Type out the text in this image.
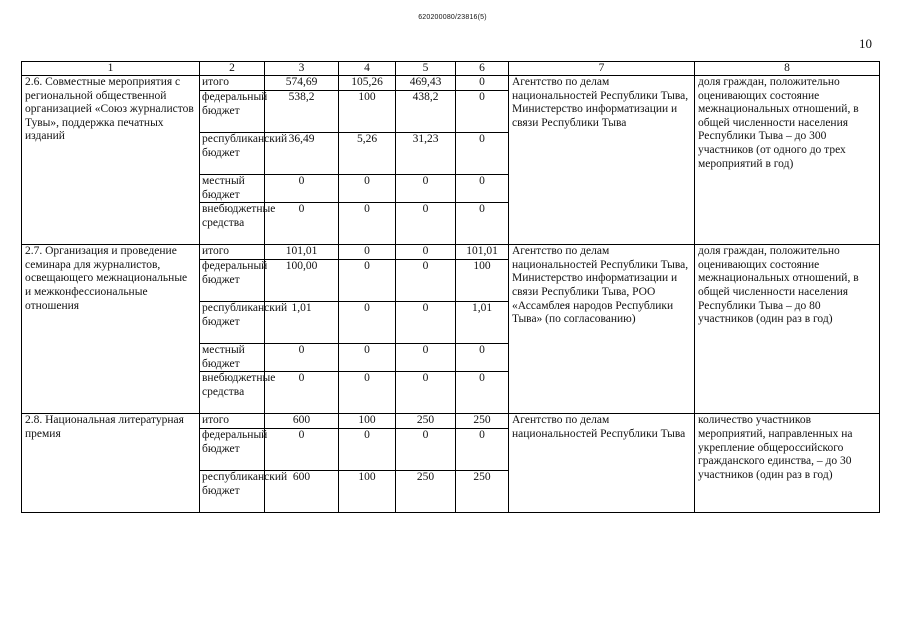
620200080/23816(5)
10
1	2	3	4	5	6	7	8
2.6. Совместные мероприятия с региональной общественной организацией «Союз журналистов Тувы», поддержка печатных изданий	итого	574,69	105,26	469,43	0	Агентство по делам национальностей Республики Тыва, Министерство информатизации и связи Республики Тыва	доля граждан, положительно оценивающих состояние межнациональных отношений, в общей численности населения Республики Тыва – до 300 участников (от одного до трех мероприятий в год)
	федеральный бюджет	538,2	100	438,2	0		
	республиканский бюджет	36,49	5,26	31,23	0		
	местный бюджет	0	0	0	0		
	внебюджетные средства	0	0	0	0		
2.7. Организация и проведение семинара для журналистов, освещающего межнациональные и межконфессиональные отношения	итого	101,01	0	0	101,01	Агентство по делам национальностей Республики Тыва, Министерство информатизации и связи Республики Тыва, РОО «Ассамблея народов Республики Тыва» (по согласованию)	доля граждан, положительно оценивающих состояние межнациональных отношений, в общей численности населения Республики Тыва – до 80 участников (один раз в год)
	федеральный бюджет	100,00	0	0	100		
	республиканский бюджет	1,01	0	0	1,01		
	местный бюджет	0	0	0	0		
	внебюджетные средства	0	0	0	0		
2.8. Национальная литературная премия	итого	600	100	250	250	Агентство по делам национальностей Республики Тыва	количество участников мероприятий, направленных на укрепление общероссийского гражданского единства, – до 30 участников (один раз в год)
	федеральный бюджет	0	0	0	0		
	республиканский бюджет	600	100	250	250		
